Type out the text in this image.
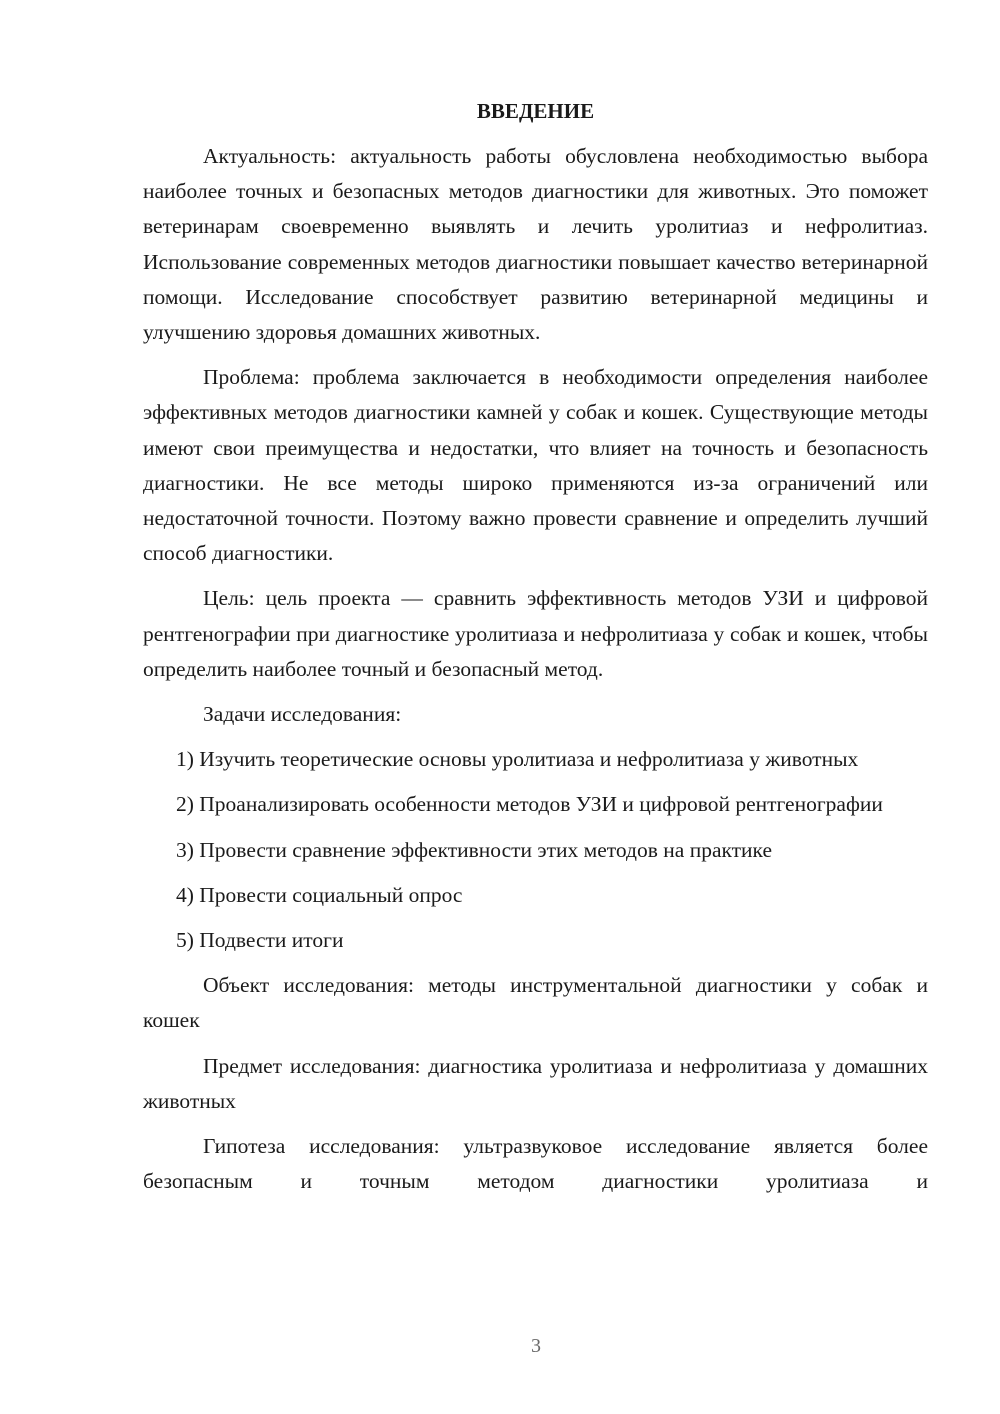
ВВЕДЕНИЕ

Актуальность: актуальность работы обусловлена необходимостью выбора наиболее точных и безопасных методов диагностики для животных. Это поможет ветеринарам своевременно выявлять и лечить уролитиаз и нефролитиаз. Использование современных методов диагностики повышает качество ветеринарной помощи. Исследование способствует развитию ветеринарной медицины и улучшению здоровья домашних животных.

Проблема: проблема заключается в необходимости определения наиболее эффективных методов диагностики камней у собак и кошек. Существующие методы имеют свои преимущества и недостатки, что влияет на точность и безопасность диагностики. Не все методы широко применяются из-за ограничений или недостаточной точности. Поэтому важно провести сравнение и определить лучший способ диагностики.

Цель: цель проекта — сравнить эффективность методов УЗИ и цифровой рентгенографии при диагностике уролитиаза и нефролитиаза у собак и кошек, чтобы определить наиболее точный и безопасный метод.

Задачи исследования:

1) Изучить теоретические основы уролитиаза и нефролитиаза у животных

2) Проанализировать особенности методов УЗИ и цифровой рентгенографии

3) Провести сравнение эффективности этих методов на практике

4) Провести социальный опрос

5) Подвести итоги

Объект исследования: методы инструментальной диагностики у собак и кошек

Предмет исследования: диагностика уролитиаза и нефролитиаза у домашних животных

Гипотеза исследования: ультразвуковое исследование является более безопасным и точным методом диагностики уролитиаза и

3
